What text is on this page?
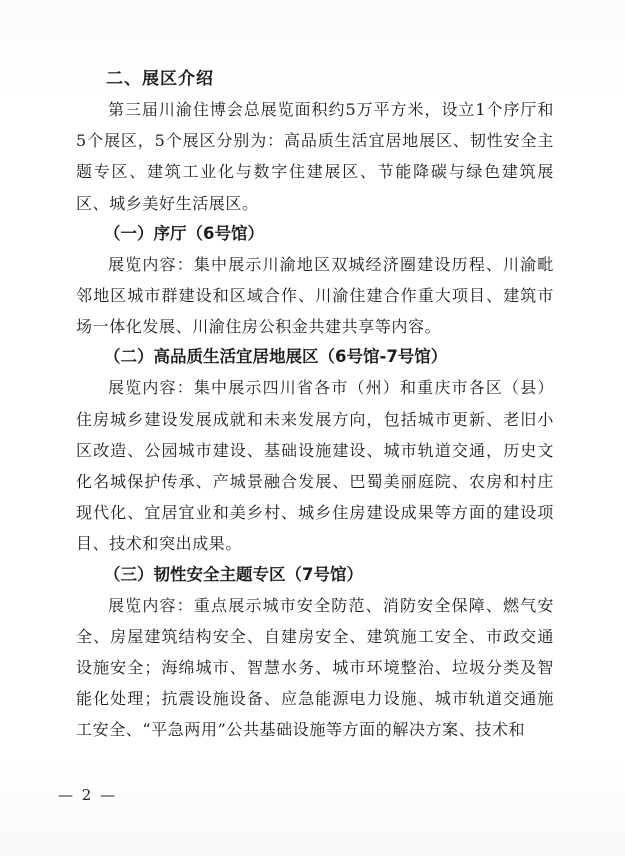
二、展区介绍

第三届川渝住博会总展览面积约5万平方米，设立1个序厅和5个展区，5个展区分别为：高品质生活宜居地展区、韧性安全主题专区、建筑工业化与数字住建展区、节能降碳与绿色建筑展区、城乡美好生活展区。

（一）序厅（6号馆）

展览内容：集中展示川渝地区双城经济圈建设历程、川渝毗邻地区城市群建设和区域合作、川渝住建合作重大项目、建筑市场一体化发展、川渝住房公积金共建共享等内容。

（二）高品质生活宜居地展区（6号馆-7号馆）

展览内容：集中展示四川省各市（州）和重庆市各区（县）住房城乡建设发展成就和未来发展方向，包括城市更新、老旧小区改造、公园城市建设、基础设施建设、城市轨道交通，历史文化名城保护传承、产城景融合发展、巴蜀美丽庭院、农房和村庄现代化、宜居宜业和美乡村、城乡住房建设成果等方面的建设项目、技术和突出成果。

（三）韧性安全主题专区（7号馆）

展览内容：重点展示城市安全防范、消防安全保障、燃气安全、房屋建筑结构安全、自建房安全、建筑施工安全、市政交通设施安全；海绵城市、智慧水务、城市环境整治、垃圾分类及智能化处理；抗震设施设备、应急能源电力设施、城市轨道交通施工安全、“平急两用”公共基础设施等方面的解决方案、技术和

— 2 —
